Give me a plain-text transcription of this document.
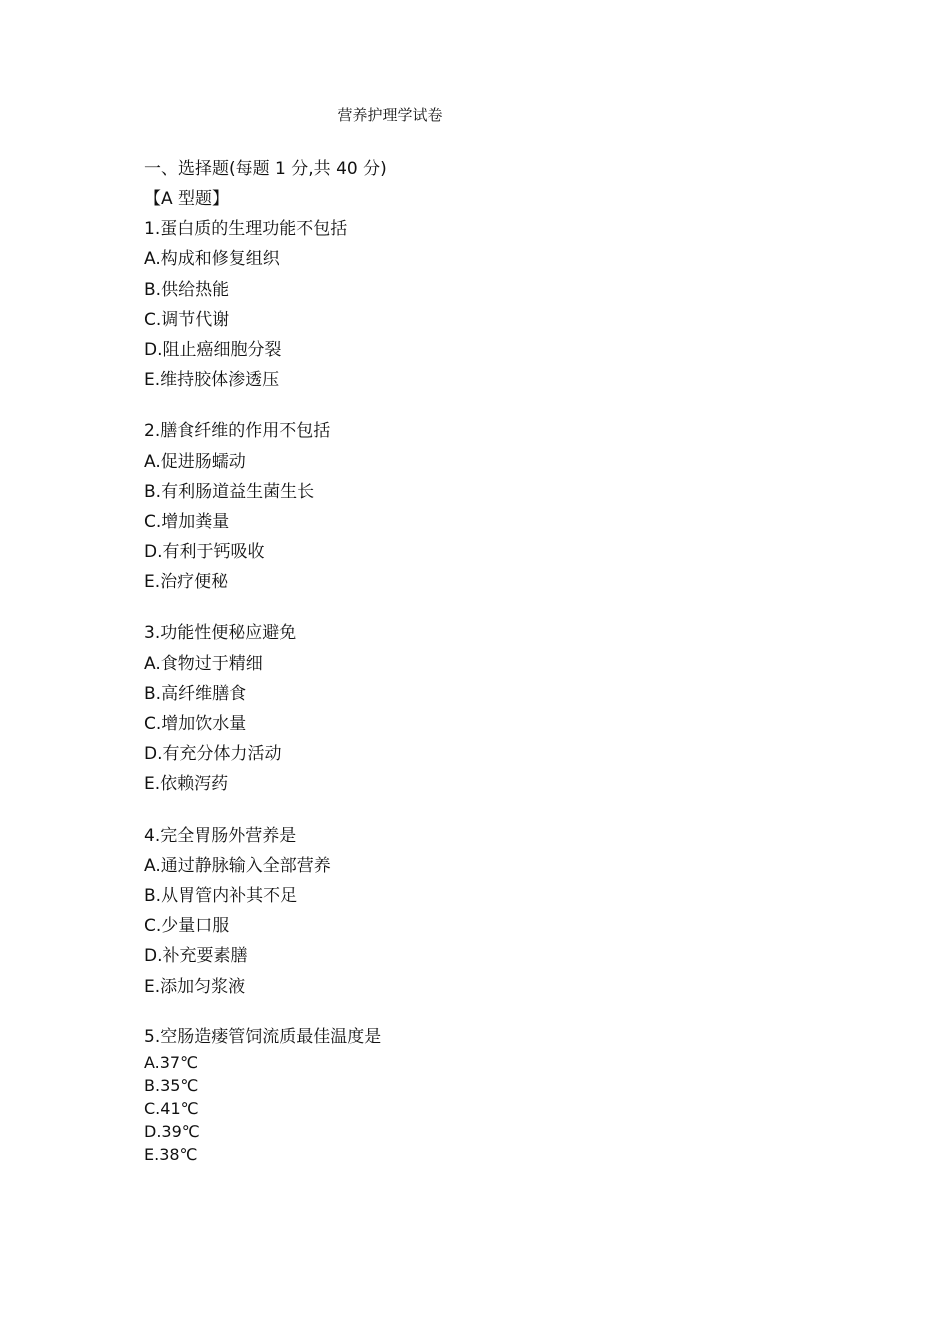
营养护理学试卷
一、选择题(每题 1 分,共 40 分)
【A 型题】
1.蛋白质的生理功能不包括
A.构成和修复组织
B.供给热能
C.调节代谢
D.阻止癌细胞分裂
E.维持胶体渗透压
2.膳食纤维的作用不包括
A.促进肠蠕动
B.有利肠道益生菌生长
C.增加粪量
D.有利于钙吸收
E.治疗便秘
3.功能性便秘应避免
A.食物过于精细
B.高纤维膳食
C.增加饮水量
D.有充分体力活动
E.依赖泻药
4.完全胃肠外营养是
A.通过静脉输入全部营养
B.从胃管内补其不足
C.少量口服
D.补充要素膳
E.添加匀浆液
5.空肠造瘘管饲流质最佳温度是
A.37℃
B.35℃
C.41℃
D.39℃
E.38℃
